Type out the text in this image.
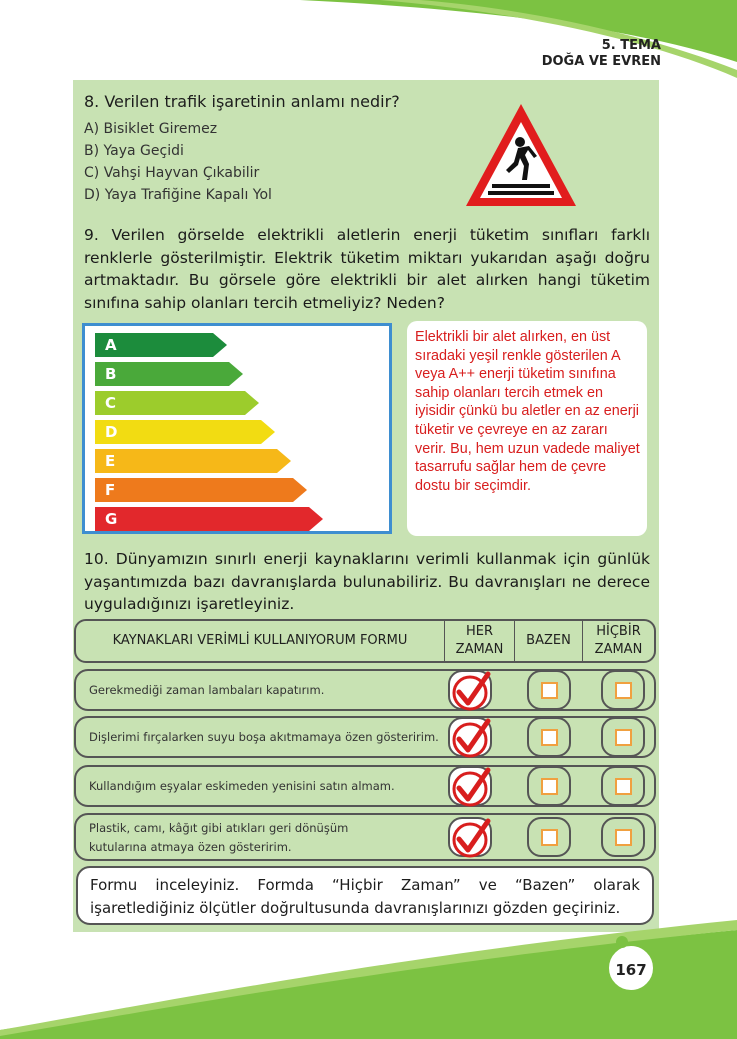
5. TEMA
DOĞA VE EVREN
8. Verilen trafik işaretinin anlamı nedir?
A) Bisiklet Giremez
B) Yaya Geçidi
C) Vahşi Hayvan Çıkabilir
D) Yaya Trafiğine Kapalı Yol
9. Verilen görselde elektrikli aletlerin enerji tüketim sınıfları farklı renklerle gösterilmiştir. Elektrik tüketim miktarı yukarıdan aşağı doğru artmaktadır. Bu görsele göre elektrikli bir alet alırken hangi tüketim sınıfına sahip olanları tercih etmeliyiz? Neden?
A
B
C
D
E
F
G
Elektrikli bir alet alırken, en üst sıradaki yeşil renkle gösterilen A veya A++ enerji tüketim sınıfına sahip olanları tercih etmek en iyisidir çünkü bu aletler en az enerji tüketir ve çevreye en az zararı verir. Bu, hem uzun vadede maliyet tasarrufu sağlar hem de çevre dostu bir seçimdir.
10. Dünyamızın sınırlı enerji kaynaklarını verimli kullanmak için günlük yaşantımızda bazı davranışlarda bulunabiliriz. Bu davranışları ne derece uyguladığınızı işaretleyiniz.
KAYNAKLARI VERİMLİ KULLANIYORUM FORMU
HER
ZAMAN
BAZEN
HİÇBİR
ZAMAN
Gerekmediği zaman lambaları kapatırım.
Dişlerimi fırçalarken suyu boşa akıtmamaya özen gösteririm.
Kullandığım eşyalar eskimeden yenisini satın almam.
Plastik, camı, kâğıt gibi atıkları geri dönüşüm kutularına atmaya özen gösteririm.
Formu inceleyiniz. Formda “Hiçbir Zaman” ve “Bazen” olarak işaretlediğiniz ölçütler doğrultusunda davranışlarınızı gözden geçiriniz.
167
